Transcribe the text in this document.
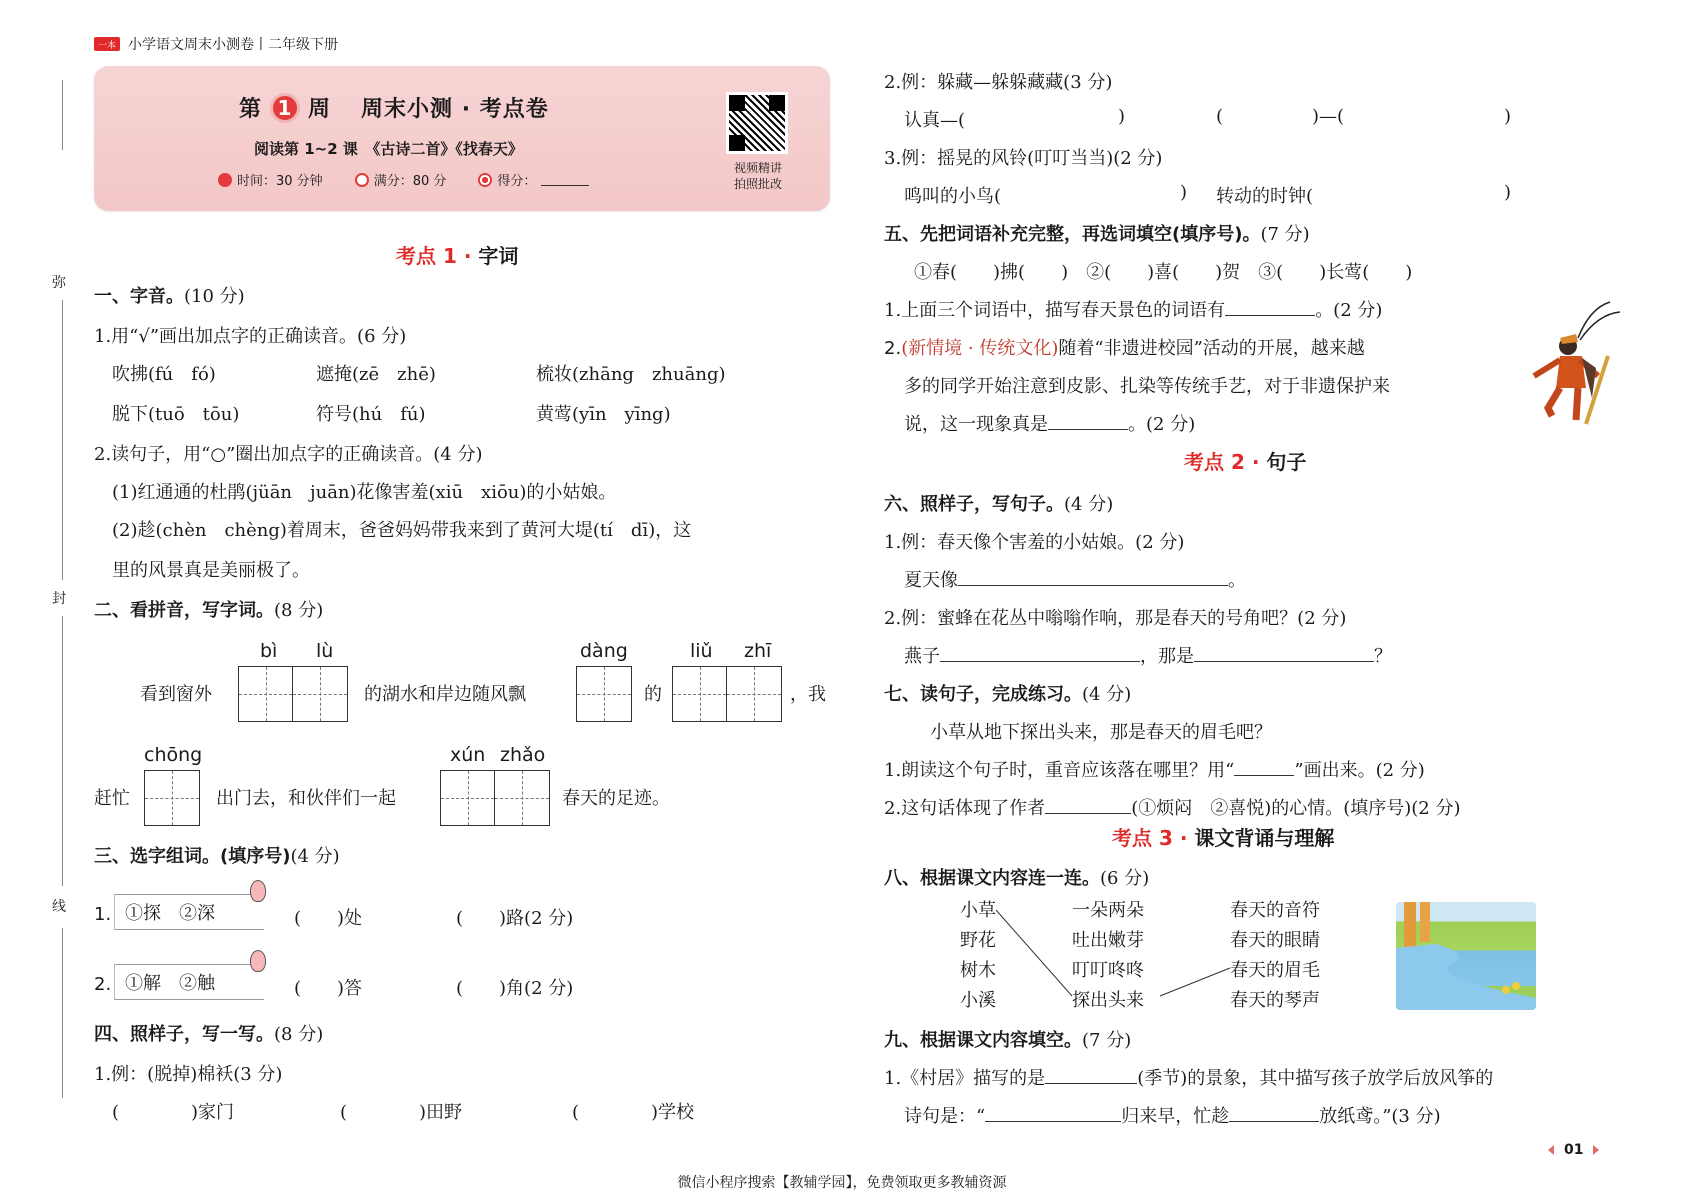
一本 小学语文周末小测卷丨二年级下册
第 1 周 周末小测 · 考点卷
阅读第 1~2 课　《古诗二首》《找春天》
时间：30 分钟	满分：80 分	得分：
视频精讲
拍照批改
弥
封
线
考点 1 · 字词
一、字音。(10 分)
1.用“√”画出加点字的正确读音。(6 分)
吹拂(fú　fó)	遮掩(zē　zhē)	梳妆(zhāng　zhuāng)
脱下(tuō　tōu)	符号(hú　fú)	黄莺(yīn　yīng)
2.读句子，用“○”圈出加点字的正确读音。(4 分)
(1)红通通的杜鹃(jüān　juān)花像害羞(xiū　xiōu)的小姑娘。
(2)趁(chèn　chèng)着周末，爸爸妈妈带我来到了黄河大堤(tí　dī)，这
里的风景真是美丽极了。
二、看拼音，写字词。(8 分)
bì lù	dàng	liǔ zhī
看到窗外	的湖水和岸边随风飘	的	，我
chōng	xún zhǎo
赶忙	出门去，和伙伴们一起	春天的足迹。
三、选字组词。(填序号)(4 分)
1. ①探　②深	(　　)处	(　　)路(2 分)
2. ①解　②触	(　　)答	(　　)角(2 分)
四、照样子，写一写。(8 分)
1.例：(脱掉)棉袄(3 分)
(　　　　)家门	(　　　　)田野	(　　　　)学校
2.例：躲藏—躲躲藏藏(3 分)
认真—(	)	(	)—(	)
3.例：摇晃的风铃(叮叮当当)(2 分)
鸣叫的小鸟(	) 转动的时钟(	)
五、先把词语补充完整，再选词填空(填序号)。(7 分)
①春(　　)拂(　　)　②(　　)喜(　　)贺　③(　　)长莺(　　)
1.上面三个词语中，描写春天景色的词语有	。(2 分)
2.(新情境 · 传统文化)随着“非遗进校园”活动的开展，越来越
多的同学开始注意到皮影、扎染等传统手艺，对于非遗保护来
说，这一现象真是	。(2 分)
考点 2 · 句子
六、照样子，写句子。(4 分)
1.例：春天像个害羞的小姑娘。(2 分)
夏天像	。
2.例：蜜蜂在花丛中嗡嗡作响，那是春天的号角吧？(2 分)
燕子	，那是	？
七、读句子，完成练习。(4 分)
小草从地下探出头来，那是春天的眉毛吧？
1.朗读这个句子时，重音应该落在哪里？用“	”画出来。(2 分)
2.这句话体现了作者	(①烦闷　②喜悦)的心情。(填序号)(2 分)
考点 3 · 课文背诵与理解
八、根据课文内容连一连。(6 分)
小草
野花
树木
小溪
一朵两朵
吐出嫩芽
叮叮咚咚
探出头来
春天的音符
春天的眼睛
春天的眉毛
春天的琴声
九、根据课文内容填空。(7 分)
1.《村居》描写的是	(季节)的景象，其中描写孩子放学后放风筝的
诗句是：“	归来早，忙趁	放纸鸢。”(3 分)
01
微信小程序搜索【教辅学园】，免费领取更多教辅资源
